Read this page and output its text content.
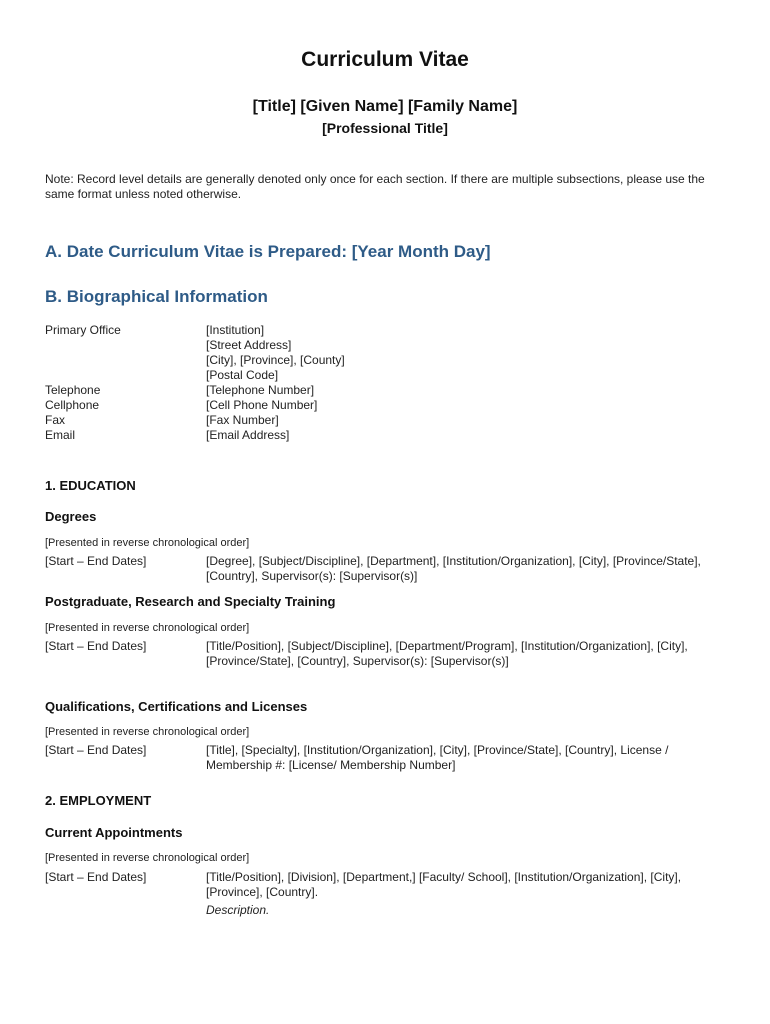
Curriculum Vitae
[Title] [Given Name] [Family Name]
[Professional Title]
Note: Record level details are generally denoted only once for each section. If there are multiple subsections, please use the same format unless noted otherwise.
A. Date Curriculum Vitae is Prepared: [Year Month Day]
B. Biographical Information
Primary Office	[Institution]
[Street Address]
[City], [Province], [County]
[Postal Code]
Telephone	[Telephone Number]
Cellphone	[Cell Phone Number]
Fax	[Fax Number]
Email	[Email Address]
1. EDUCATION
Degrees
[Presented in reverse chronological order]
[Start – End Dates]	[Degree], [Subject/Discipline], [Department], [Institution/Organization], [City], [Province/State], [Country], Supervisor(s): [Supervisor(s)]
Postgraduate, Research and Specialty Training
[Presented in reverse chronological order]
[Start – End Dates]	[Title/Position], [Subject/Discipline], [Department/Program], [Institution/Organization], [City], [Province/State], [Country], Supervisor(s): [Supervisor(s)]
Qualifications, Certifications and Licenses
[Presented in reverse chronological order]
[Start – End Dates]	[Title], [Specialty], [Institution/Organization], [City], [Province/State], [Country], License / Membership #: [License/ Membership Number]
2. EMPLOYMENT
Current Appointments
[Presented in reverse chronological order]
[Start – End Dates]	[Title/Position], [Division], [Department,] [Faculty/ School], [Institution/Organization], [City], [Province], [Country].
Description.
